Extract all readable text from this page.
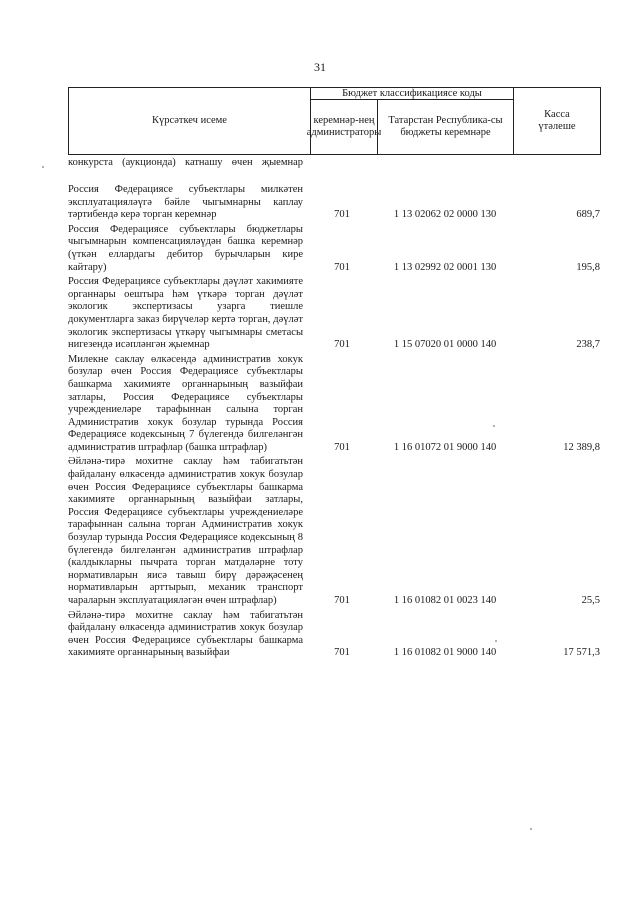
31
Күрсәткеч исеме
Бюджет классификациясе коды
керемнәр-нең администраторы
Татарстан Республика-сы бюджеты керемнәре
Касса үтәлеше
конкурста (аукционда) катнашу өчен җыемнар
Россия Федерациясе субъектлары милкәтен эксплуатацияләүгә бәйле чыгымнарны каплау тәртибендә керә торган керемнәр	701	1 13 02062 02 0000 130	689,7
Россия Федерациясе субъектлары бюджетлары чыгымнарын компенсацияләүдән башка керемнәр (үткән еллардагы дебитор бурычларын кире кайтару)	701	1 13 02992 02 0001 130	195,8
Россия Федерациясе субъектлары дәүләт хакимияте органнары оештыра һәм үткәрә торган дәүләт экологик экспертизасы узарга тиешле документларга заказ бирүчеләр кертә торган, дәүләт экологик экспертизасы үткәрү чыгымнары сметасы нигезендә исәпләнгән җыемнар	701	1 15 07020 01 0000 140	238,7
Милекне саклау өлкәсендә административ хокук бозулар өчен Россия Федерациясе субъектлары башкарма хакимияте органнарының вазыйфаи затлары, Россия Федерациясе субъектлары учреждениеләре тарафыннан салына торган Административ хокук бозулар турында Россия Федерациясе кодексының 7 бүлегендә билгеләнгән административ штрафлар (башка штрафлар)	701	1 16 01072 01 9000 140	12 389,8
Әйләнә-тирә мохитне саклау һәм табигатьтән файдалану өлкәсендә административ хокук бозулар өчен Россия Федерациясе субъектлары башкарма хакимияте органнарының вазыйфаи затлары, Россия Федерациясе субъектлары учреждениеләре тарафыннан салына торган Административ хокук бозулар турында Россия Федерациясе кодексының 8 бүлегендә билгеләнгән административ штрафлар (калдыкларны пычрата торган матдәләрне тоту нормативларын яисә тавыш бирү дәрәҗәсенең нормативларын арттырып, механик транспорт чараларын эксплуатацияләгән өчен штрафлар)	701	1 16 01082 01 0023 140	25,5
Әйләнә-тирә мохитне саклау һәм табигатьтән файдалану өлкәсендә административ хокук бозулар өчен Россия Федерациясе субъектлары башкарма хакимияте органнарының вазыйфаи	701	1 16 01082 01 9000 140	17 571,3
